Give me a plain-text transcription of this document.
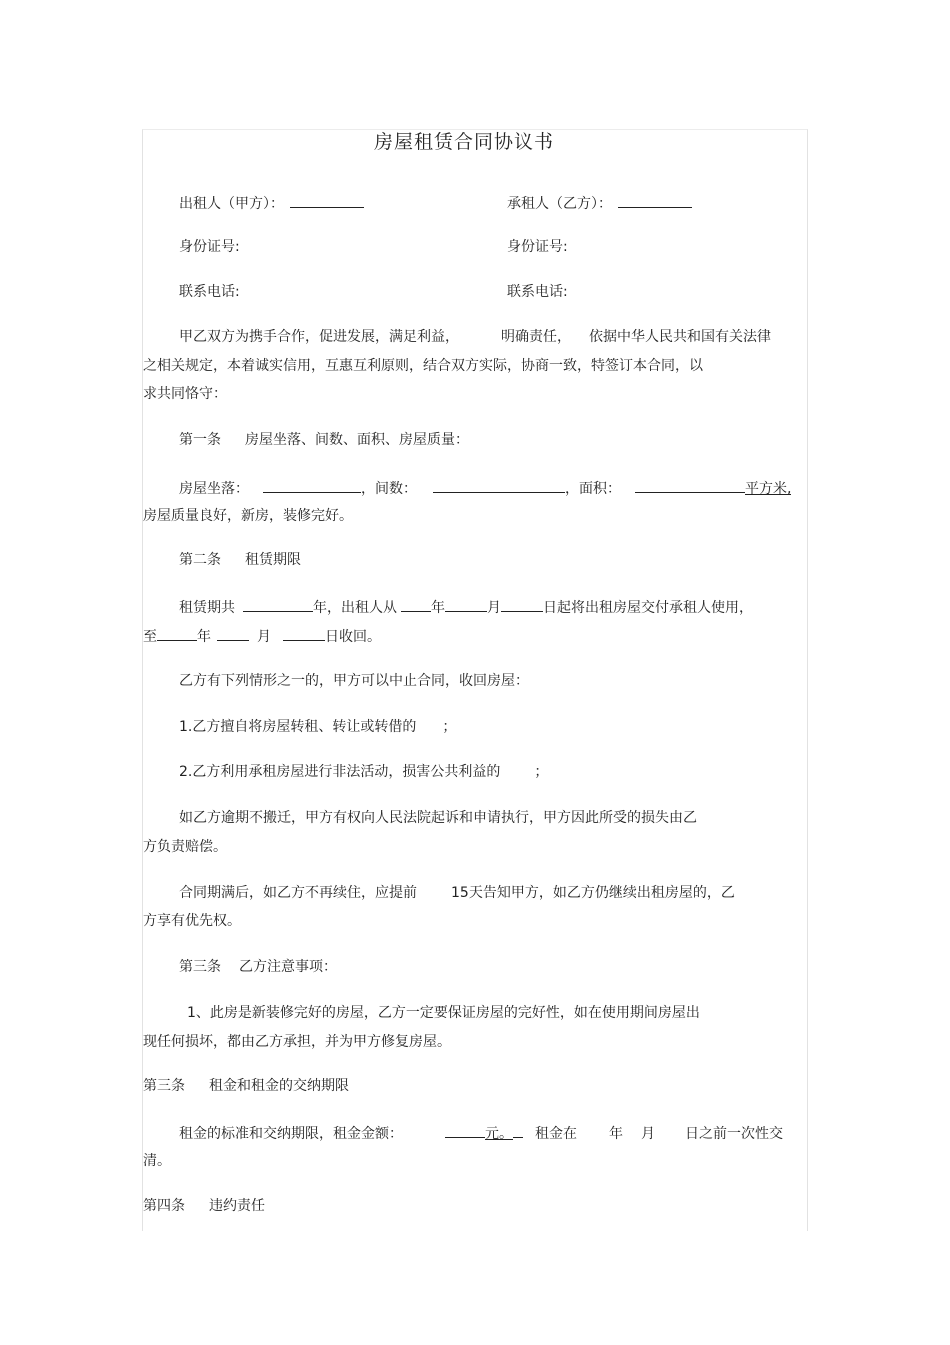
房屋租赁合同协议书
出租人（甲方）：	承租人（乙方）：
身份证号:	身份证号:
联系电话:	联系电话:
甲乙双方为携手合作，促进发展，满足利益，	明确责任， 依据中华人民共和国有关法律
之相关规定，本着诚实信用，互惠互利原则，结合双方实际，协商一致，特签订本合同，以
求共同恪守：
第一条 房屋坐落、间数、面积、房屋质量：
房屋坐落：	，间数：	，面积：	平方米,
房屋质量良好，新房，装修完好。
第二条 租赁期限
租赁期共	年，出租人从 年	月	日起将出租房屋交付承租人使用，
至	年	月	日收回。
乙方有下列情形之一的，甲方可以中止合同，收回房屋：
1.乙方擅自将房屋转租、转让或转借的 ；
2.乙方利用承租房屋进行非法活动，损害公共利益的 ；
如乙方逾期不搬迁，甲方有权向人民法院起诉和申请执行，甲方因此所受的损失由乙
方负责赔偿。
合同期满后，如乙方不再续住，应提前 15天告知甲方，如乙方仍继续出租房屋的，乙
方享有优先权。
第三条 乙方注意事项：
1、此房是新装修完好的房屋，乙方一定要保证房屋的完好性，如在使用期间房屋出
现任何损坏，都由乙方承担，并为甲方修复房屋。
第三条 租金和租金的交纳期限
租金的标准和交纳期限，租金金额：	元。 租金在 年 月 日之前一次性交
清。
第四条 违约责任
